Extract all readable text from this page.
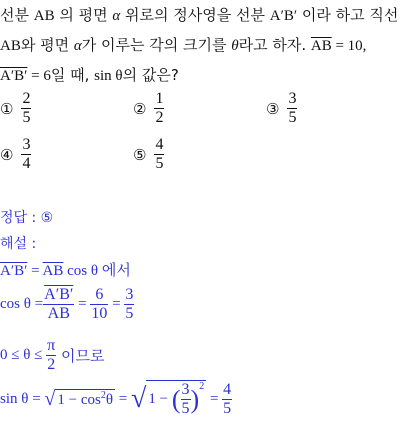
선분 AB 의 평면 α 위로의 정사영을 선분 A′B′ 이라 하고 직선
AB와 평면 α가 이루는 각의 크기를 θ라고 하자. $\overline{AB} = 10$,
A′B′ = 6일 때, sin θ의 값은?
① $\frac{2}{5}$	② $\frac{1}{2}$	③ $\frac{3}{5}$
④ $\frac{3}{4}$	⑤ $\frac{4}{5}$
정답 : ⑤
해설 :
$A'B' = \overline{AB}$ cos θ 에서
$\cos \theta = \frac{A'B'}{AB} = \frac{6}{10} = \frac{3}{5}$
$0 \le \theta \le \frac{\pi}{2}$ 이므로
sin θ = √ $1 - \cos^2\theta$ = √ 1 − ( $\frac{3}{5} )^2$
= $\frac{4}{5}$
